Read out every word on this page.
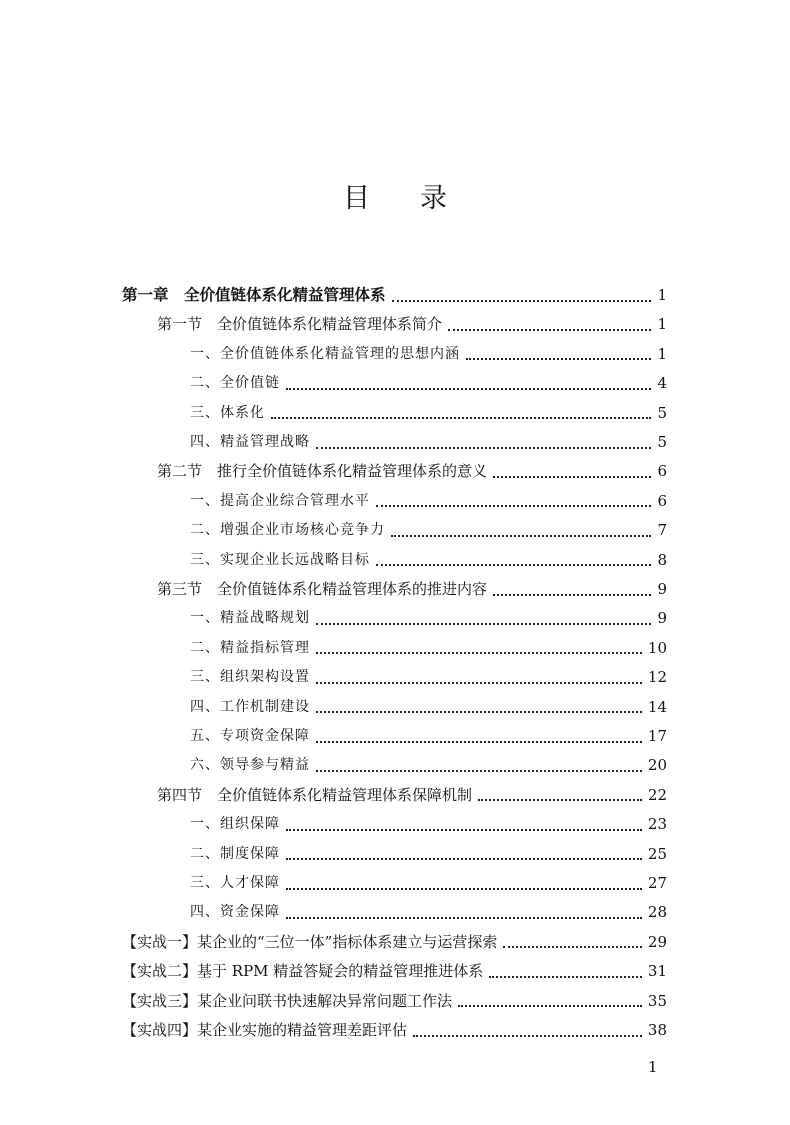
目 录
第一章　全价值链体系化精益管理体系	1
第一节　全价值链体系化精益管理体系简介	1
一、全价值链体系化精益管理的思想内涵	1
二、全价值链	4
三、体系化	5
四、精益管理战略	5
第二节　推行全价值链体系化精益管理体系的意义	6
一、提高企业综合管理水平	6
二、增强企业市场核心竞争力	7
三、实现企业长远战略目标	8
第三节　全价值链体系化精益管理体系的推进内容	9
一、精益战略规划	9
二、精益指标管理	10
三、组织架构设置	12
四、工作机制建设	14
五、专项资金保障	17
六、领导参与精益	20
第四节　全价值链体系化精益管理体系保障机制	22
一、组织保障	23
二、制度保障	25
三、人才保障	27
四、资金保障	28
【实战一】某企业的“三位一体”指标体系建立与运营探索	29
【实战二】基于 RPM 精益答疑会的精益管理推进体系	31
【实战三】某企业问联书快速解决异常问题工作法	35
【实战四】某企业实施的精益管理差距评估	38
1
